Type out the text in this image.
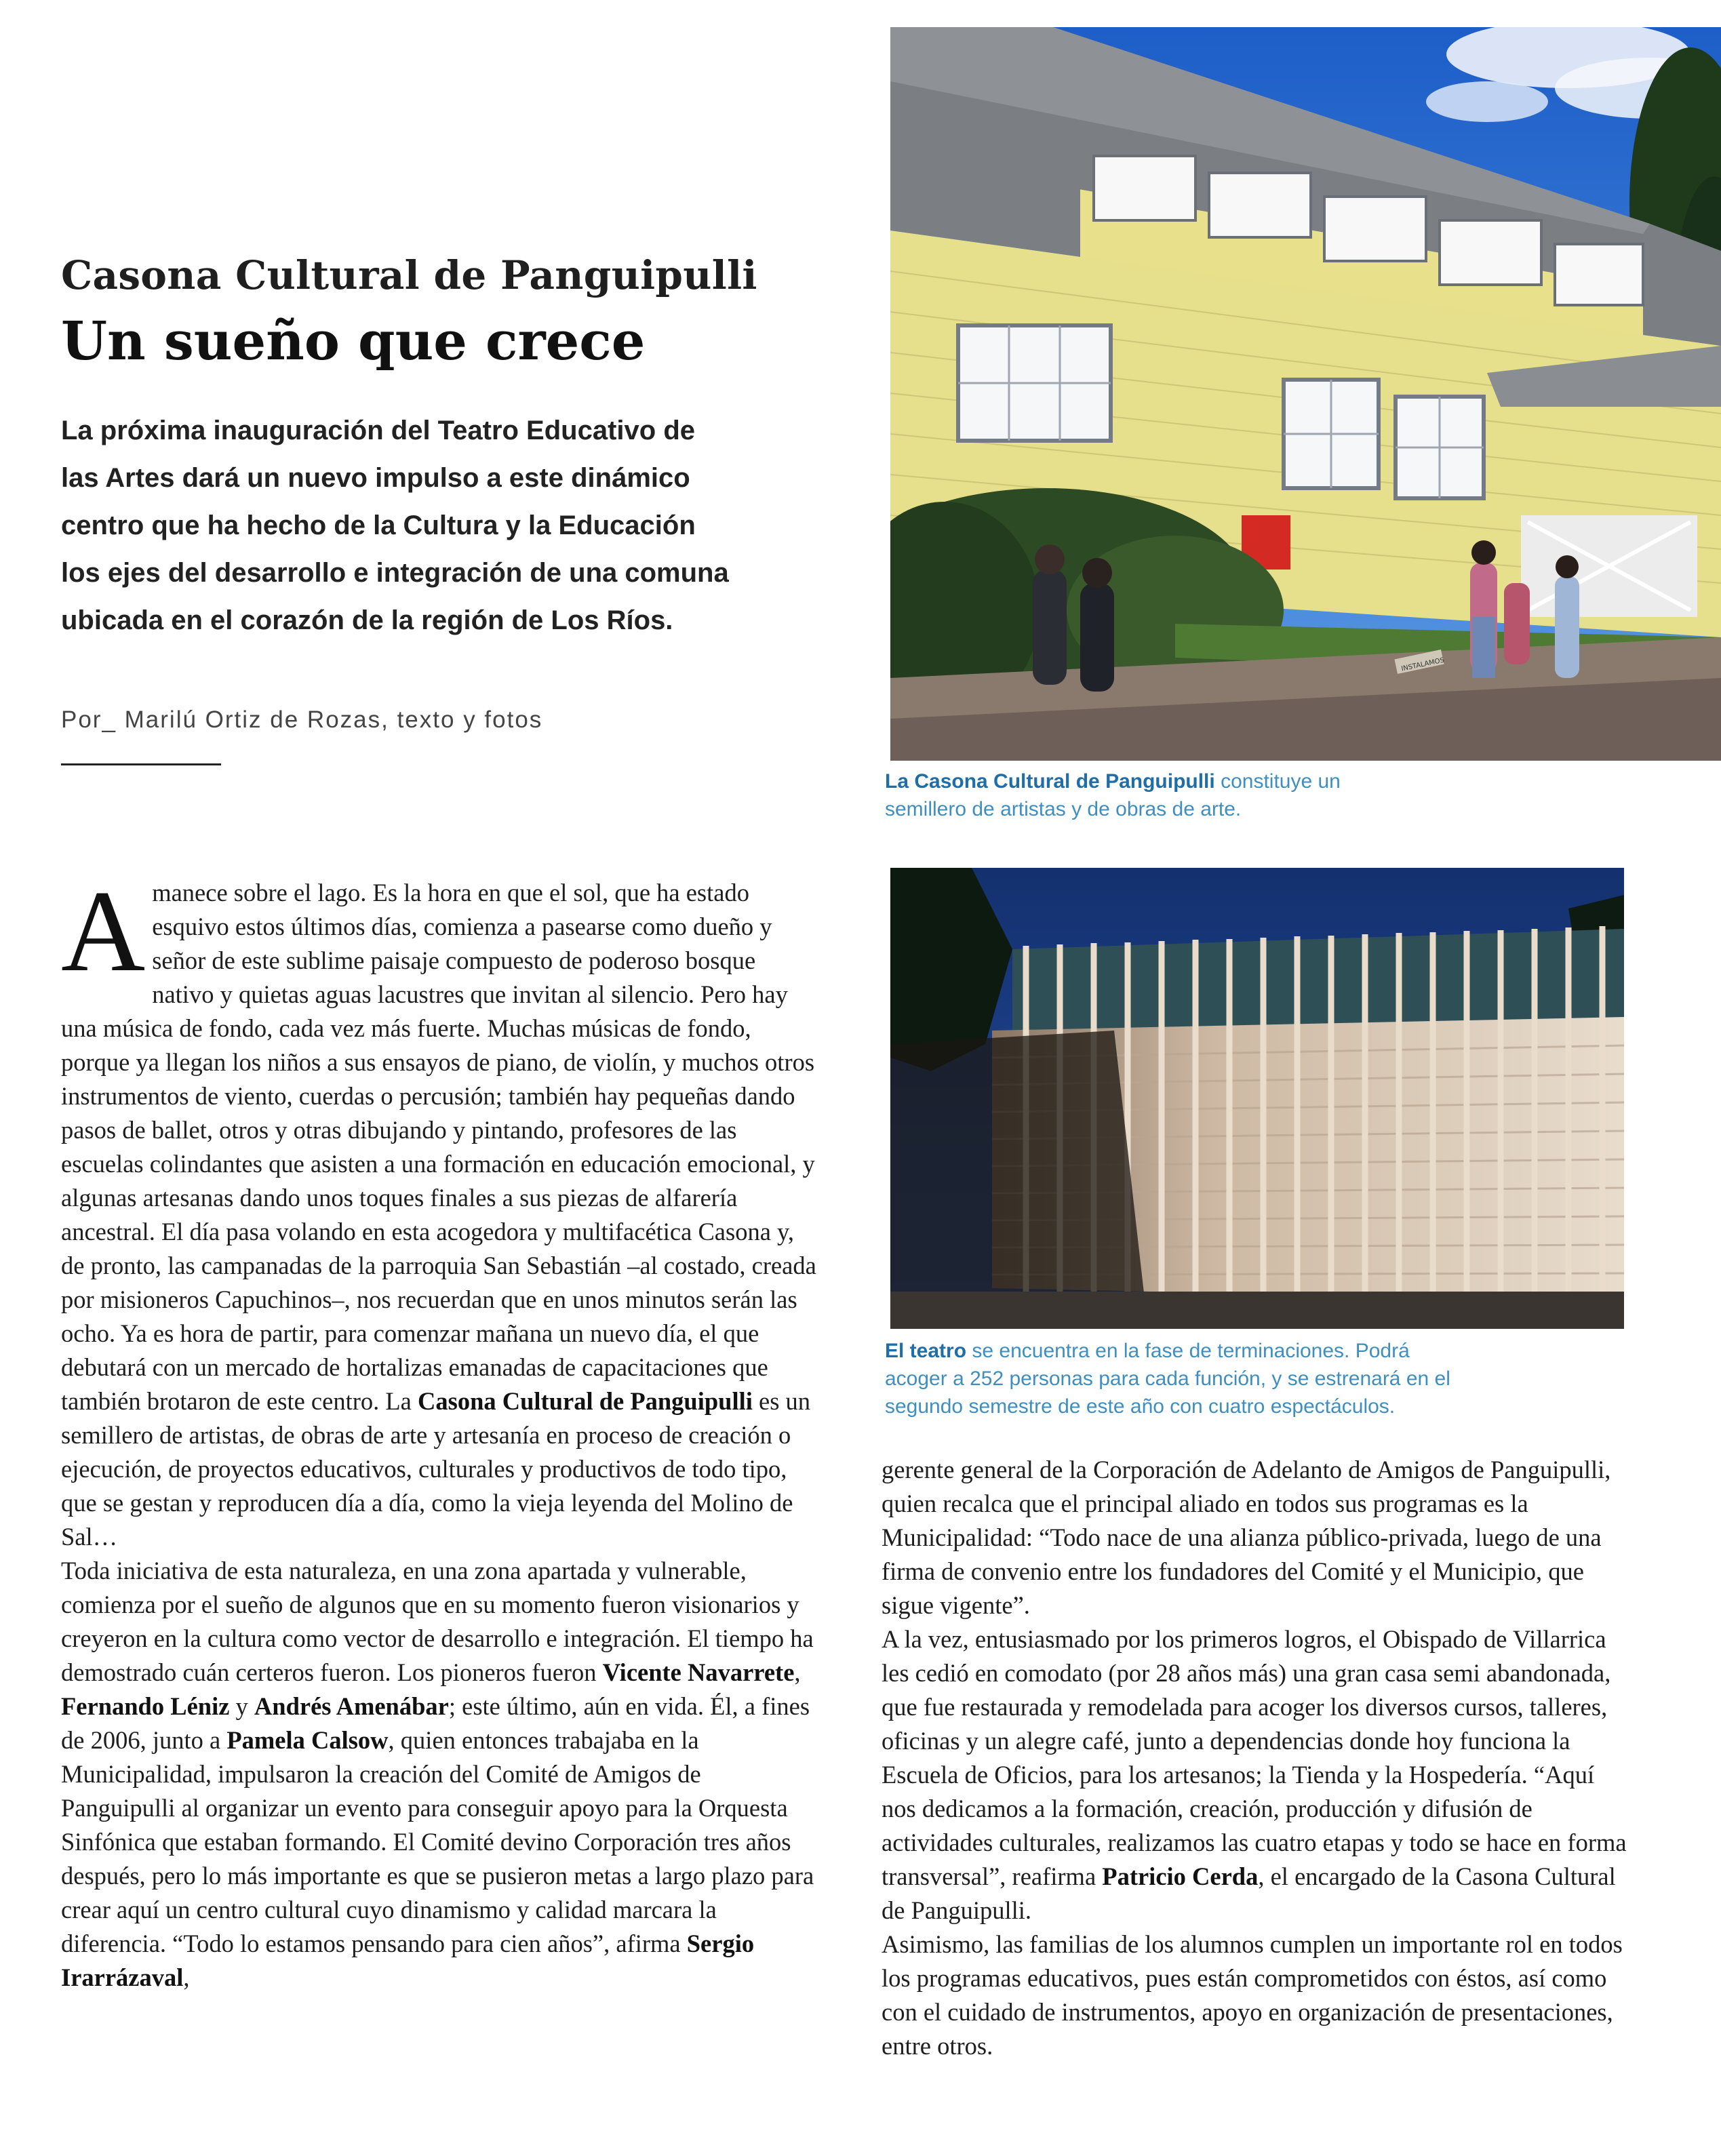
Casona Cultural de Panguipulli
Un sueño que crece
La próxima inauguración del Teatro Educativo de las Artes dará un nuevo impulso a este dinámico centro que ha hecho de la Cultura y la Educación los ejes del desarrollo e integración de una comuna ubicada en el corazón de la región de Los Ríos.
Por_ Marilú Ortiz de Rozas, texto y fotos
INSTALAMOS
La Casona Cultural de Panguipulli constituye un semillero de artistas y de obras de arte.
El teatro se encuentra en la fase de terminaciones. Podrá acoger a 252 personas para cada función, y se estrenará en el segundo semestre de este año con cuatro espectáculos.
Amanece sobre el lago. Es la hora en que el sol, que ha estado esquivo estos últimos días, comienza a pasearse como dueño y señor de este sublime paisaje compuesto de poderoso bosque nativo y quietas aguas lacustres que invitan al silencio. Pero hay una música de fondo, cada vez más fuerte. Muchas músicas de fondo, porque ya llegan los niños a sus ensayos de piano, de violín, y muchos otros instrumentos de viento, cuerdas o percusión; también hay pequeñas dando pasos de ballet, otros y otras dibujando y pintando, profesores de las escuelas colindantes que asisten a una formación en educación emocional, y algunas artesanas dando unos toques finales a sus piezas de alfarería ancestral. El día pasa volando en esta acogedora y multifacética Casona y, de pronto, las campanadas de la parroquia San Sebastián –al costado, creada por misioneros Capuchinos–, nos recuerdan que en unos minutos serán las ocho. Ya es hora de partir, para comenzar mañana un nuevo día, el que debutará con un mercado de hortalizas emanadas de capacitaciones que también brotaron de este centro. La Casona Cultural de Panguipulli es un semillero de artistas, de obras de arte y artesanía en proceso de creación o ejecución, de proyectos educativos, culturales y productivos de todo tipo, que se gestan y reproducen día a día, como la vieja leyenda del Molino de Sal…
Toda iniciativa de esta naturaleza, en una zona apartada y vulnerable, comienza por el sueño de algunos que en su momento fueron visionarios y creyeron en la cultura como vector de desarrollo e integración. El tiempo ha demostrado cuán certeros fueron. Los pioneros fueron Vicente Navarrete, Fernando Léniz y Andrés Amenábar; este último, aún en vida. Él, a fines de 2006, junto a Pamela Calsow, quien entonces trabajaba en la Municipalidad, impulsaron la creación del Comité de Amigos de Panguipulli al organizar un evento para conseguir apoyo para la Orquesta Sinfónica que estaban formando. El Comité devino Corporación tres años después, pero lo más importante es que se pusieron metas a largo plazo para crear aquí un centro cultural cuyo dinamismo y calidad marcara la diferencia. “Todo lo estamos pensando para cien años”, afirma Sergio Irarrázaval,
gerente general de la Corporación de Adelanto de Amigos de Panguipulli, quien recalca que el principal aliado en todos sus programas es la Municipalidad: “Todo nace de una alianza público-privada, luego de una firma de convenio entre los fundadores del Comité y el Municipio, que sigue vigente”.
A la vez, entusiasmado por los primeros logros, el Obispado de Villarrica les cedió en comodato (por 28 años más) una gran casa semi abandonada, que fue restaurada y remodelada para acoger los diversos cursos, talleres, oficinas y un alegre café, junto a dependencias donde hoy funciona la Escuela de Oficios, para los artesanos; la Tienda y la Hospedería. “Aquí nos dedicamos a la formación, creación, producción y difusión de actividades culturales, realizamos las cuatro etapas y todo se hace en forma transversal”, reafirma Patricio Cerda, el encargado de la Casona Cultural de Panguipulli.
Asimismo, las familias de los alumnos cumplen un importante rol en todos los programas educativos, pues están comprometidos con éstos, así como con el cuidado de instrumentos, apoyo en organización de presentaciones, entre otros.
